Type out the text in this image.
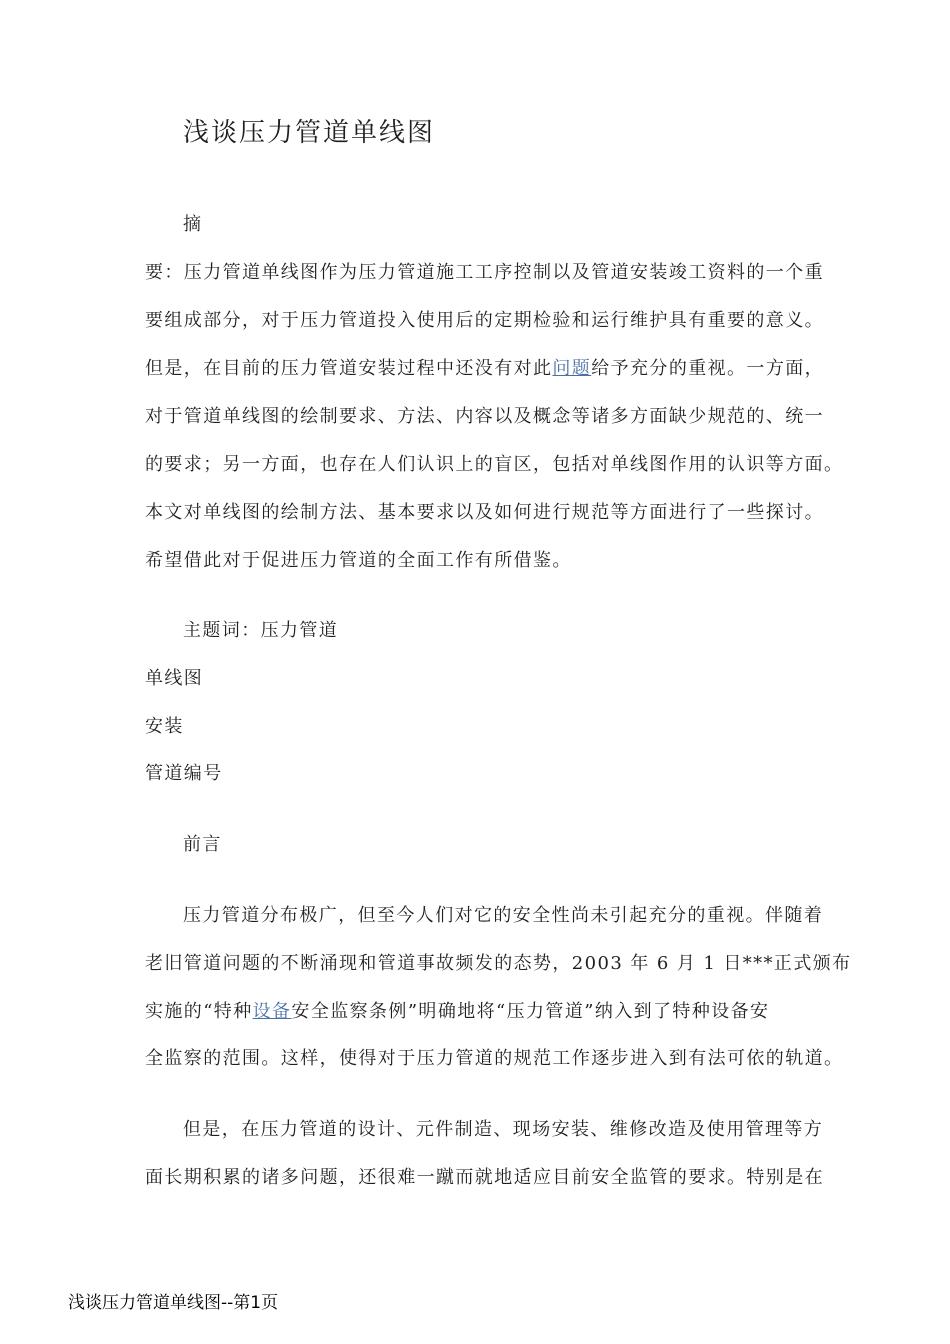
浅谈压力管道单线图

摘

要：压力管道单线图作为压力管道施工工序控制以及管道安装竣工资料的一个重

要组成部分，对于压力管道投入使用后的定期检验和运行维护具有重要的意义。

但是，在目前的压力管道安装过程中还没有对此问题给予充分的重视。一方面，

对于管道单线图的绘制要求、方法、内容以及概念等诸多方面缺少规范的、统一

的要求；另一方面，也存在人们认识上的盲区，包括对单线图作用的认识等方面。

本文对单线图的绘制方法、基本要求以及如何进行规范等方面进行了一些探讨。

希望借此对于促进压力管道的全面工作有所借鉴。

主题词：压力管道

单线图

安装

管道编号

前言

压力管道分布极广，但至今人们对它的安全性尚未引起充分的重视。伴随着

老旧管道问题的不断涌现和管道事故频发的态势，2003 年 6 月 1 日***正式颁布

实施的“特种设备安全监察条例”明确地将“压力管道”纳入到了特种设备安

全监察的范围。这样，使得对于压力管道的规范工作逐步进入到有法可依的轨道。

但是，在压力管道的设计、元件制造、现场安装、维修改造及使用管理等方

面长期积累的诸多问题，还很难一蹴而就地适应目前安全监管的要求。特别是在

浅谈压力管道单线图--第1页
